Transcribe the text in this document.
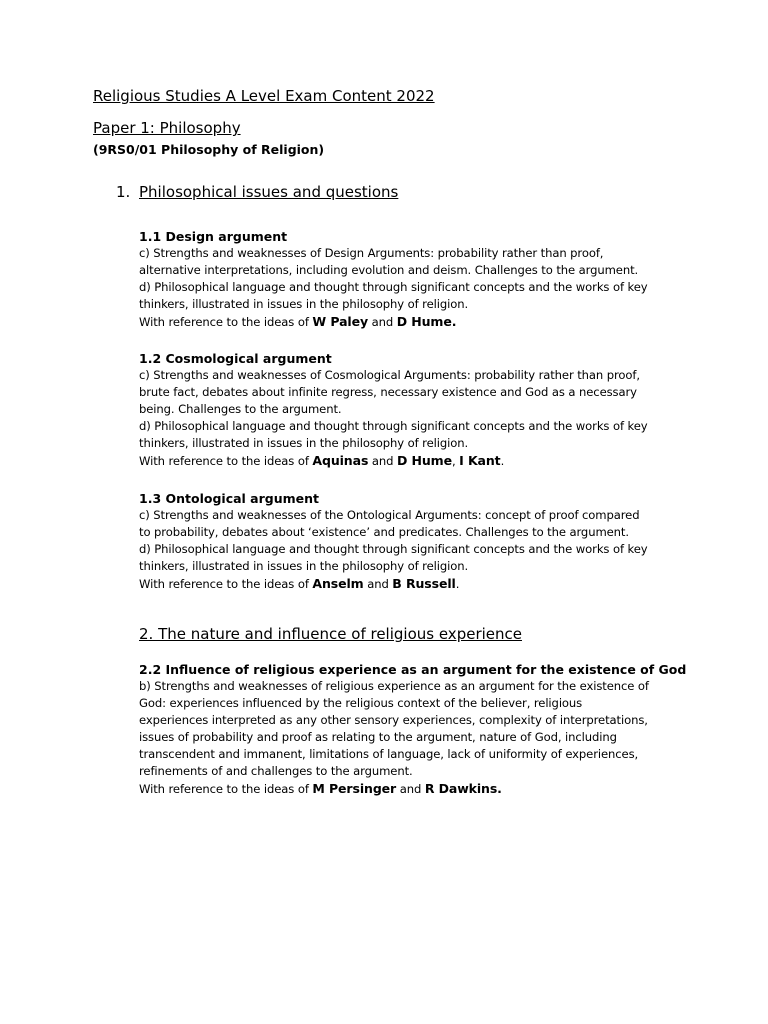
Religious Studies A Level Exam Content 2022
Paper 1: Philosophy
(9RS0/01 Philosophy of Religion)
1. Philosophical issues and questions
1.1 Design argument
c) Strengths and weaknesses of Design Arguments: probability rather than proof,
alternative interpretations, including evolution and deism. Challenges to the argument.
d) Philosophical language and thought through significant concepts and the works of key
thinkers, illustrated in issues in the philosophy of religion.
With reference to the ideas of W Paley and D Hume.
1.2 Cosmological argument
c) Strengths and weaknesses of Cosmological Arguments: probability rather than proof,
brute fact, debates about infinite regress, necessary existence and God as a necessary
being. Challenges to the argument.
d) Philosophical language and thought through significant concepts and the works of key
thinkers, illustrated in issues in the philosophy of religion.
With reference to the ideas of Aquinas and D Hume, I Kant.
1.3 Ontological argument
c) Strengths and weaknesses of the Ontological Arguments: concept of proof compared
to probability, debates about ‘existence’ and predicates. Challenges to the argument.
d) Philosophical language and thought through significant concepts and the works of key
thinkers, illustrated in issues in the philosophy of religion.
With reference to the ideas of Anselm and B Russell.
2. The nature and influence of religious experience
2.2 Influence of religious experience as an argument for the existence of God
b) Strengths and weaknesses of religious experience as an argument for the existence of
God: experiences influenced by the religious context of the believer, religious
experiences interpreted as any other sensory experiences, complexity of interpretations,
issues of probability and proof as relating to the argument, nature of God, including
transcendent and immanent, limitations of language, lack of uniformity of experiences,
refinements of and challenges to the argument.
With reference to the ideas of M Persinger and R Dawkins.
